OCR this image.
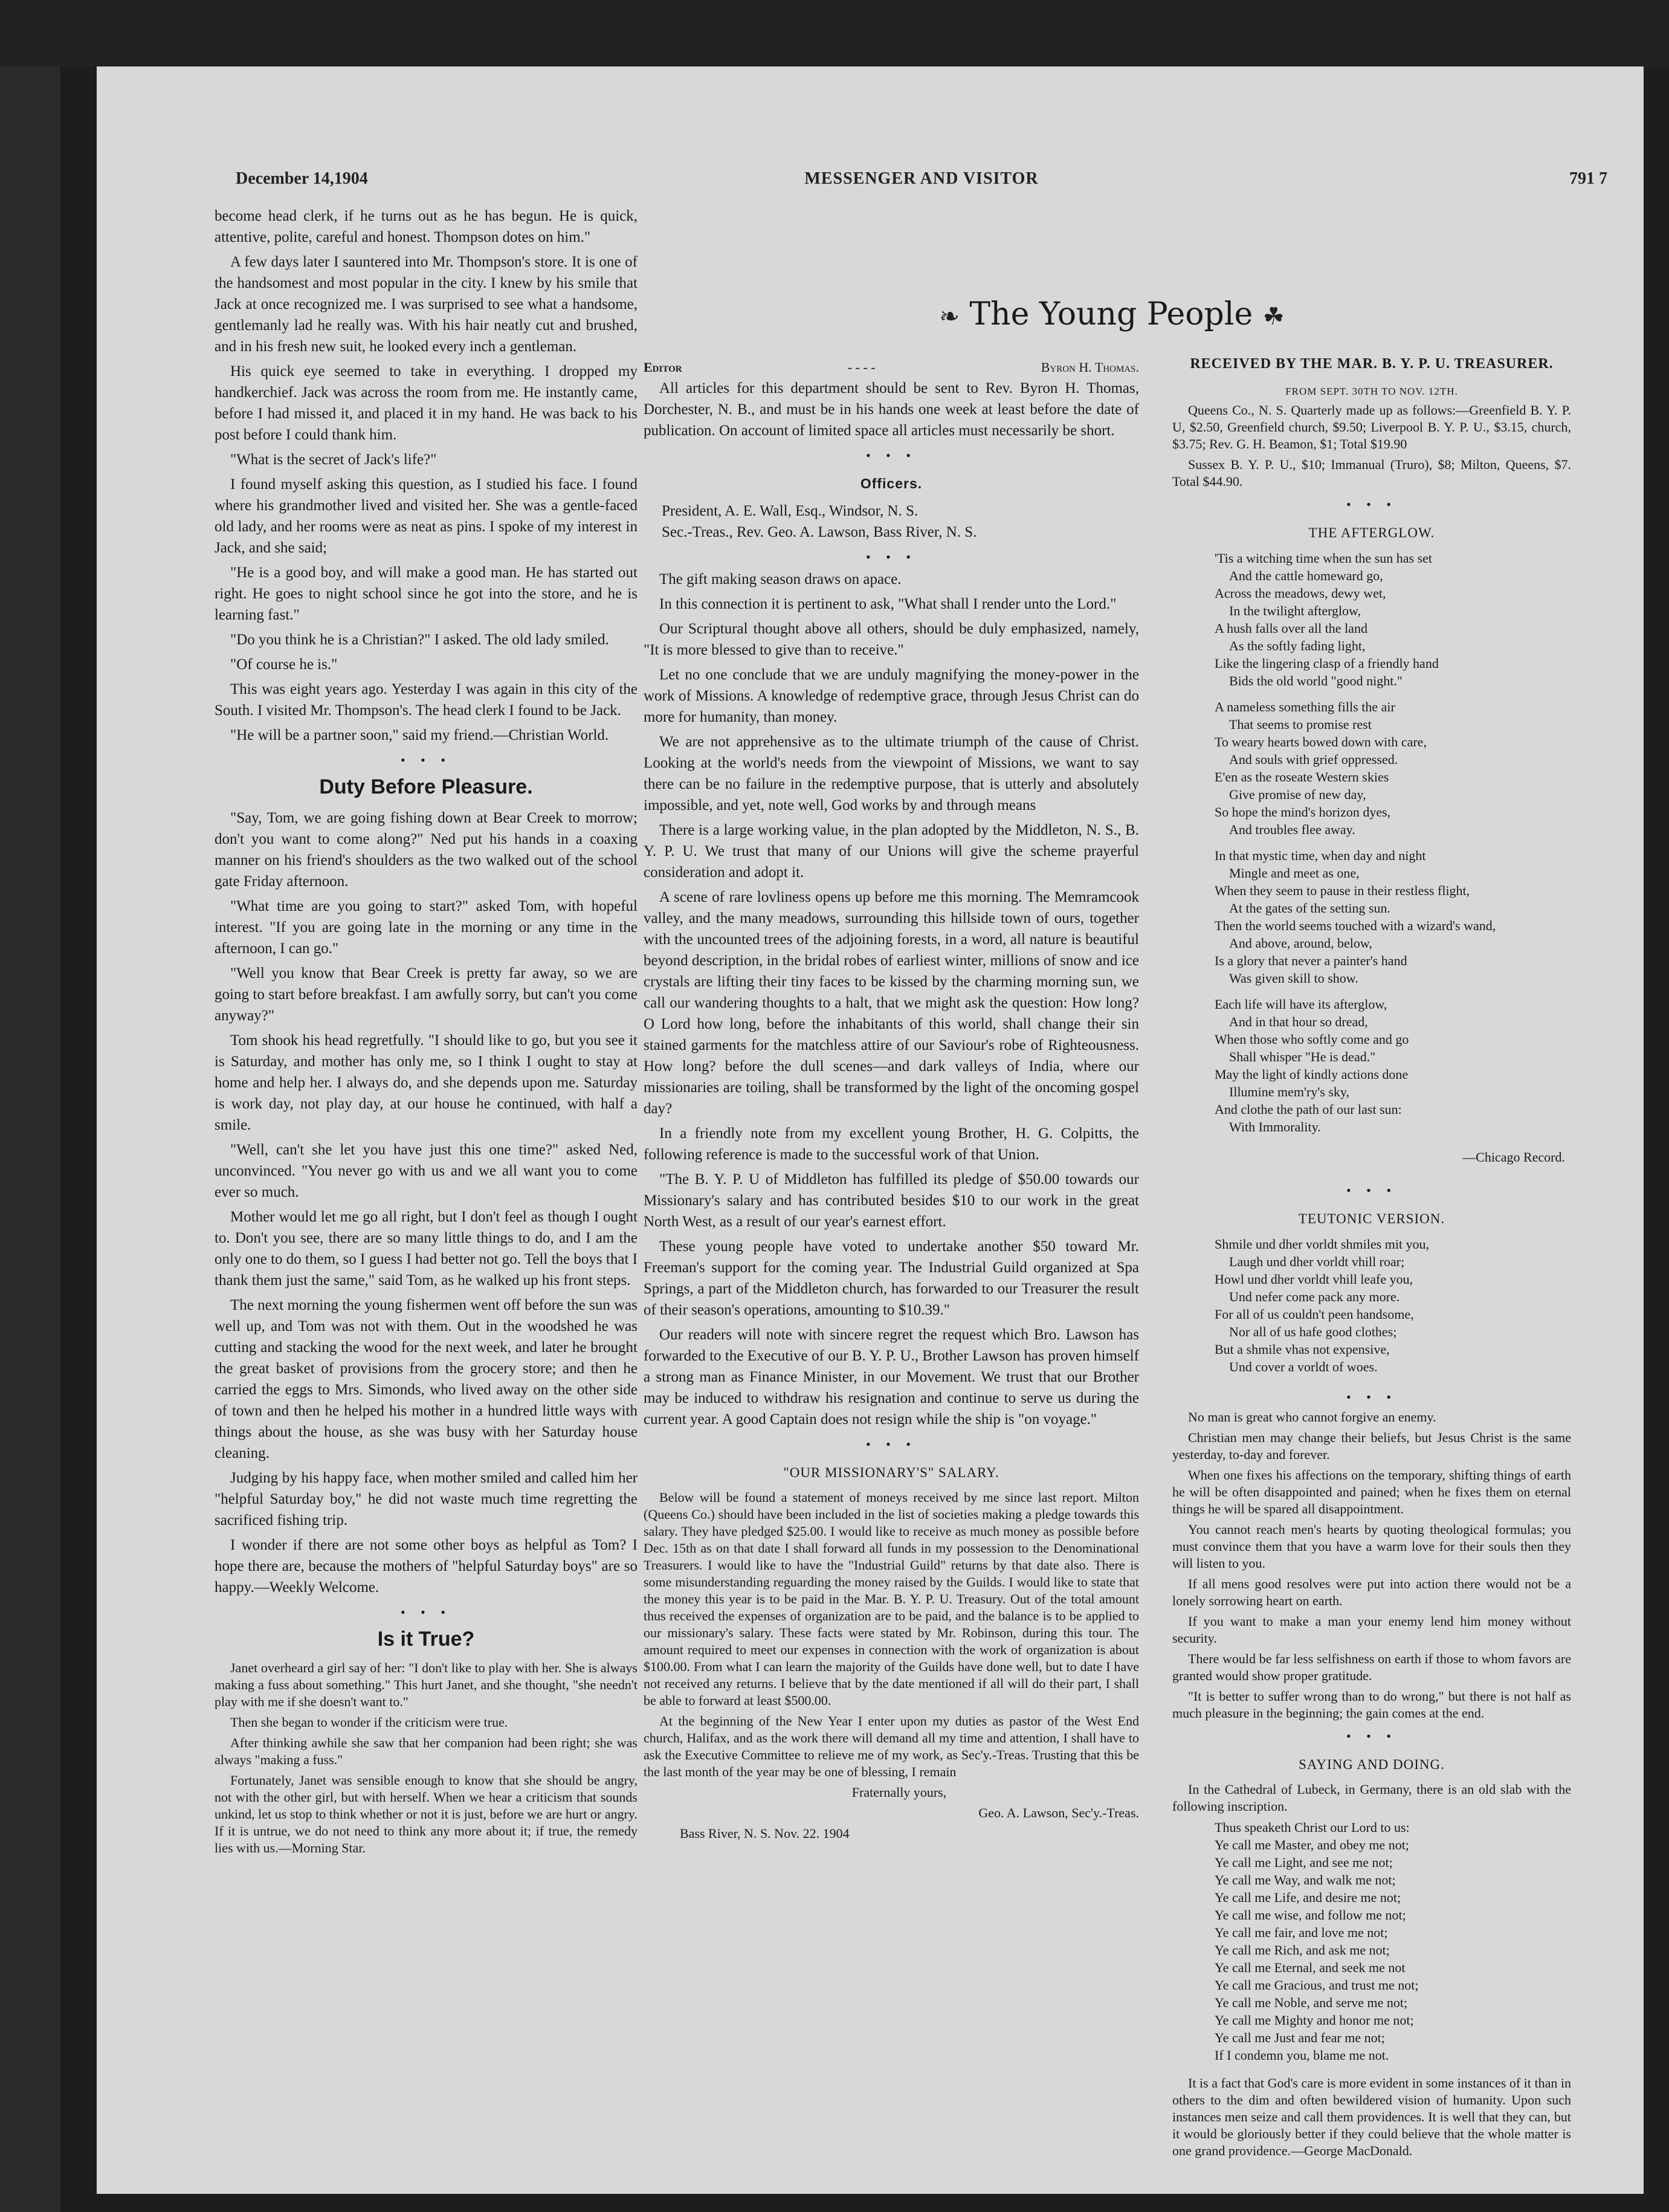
December 14,1904	MESSENGER AND VISITOR	791 7
❧ The Young People ☘

become head clerk, if he turns out as he has begun. He is quick, attentive, polite, careful and honest. Thompson dotes on him."

A few days later I sauntered into Mr. Thompson's store. It is one of the handsomest and most popular in the city. I knew by his smile that Jack at once recognized me. I was surprised to see what a handsome, gentlemanly lad he really was. With his hair neatly cut and brushed, and in his fresh new suit, he looked every inch a gentleman.

His quick eye seemed to take in everything. I dropped my handkerchief. Jack was across the room from me. He instantly came, before I had missed it, and placed it in my hand. He was back to his post before I could thank him.

"What is the secret of Jack's life?"

I found myself asking this question, as I studied his face. I found where his grandmother lived and visited her. She was a gentle-faced old lady, and her rooms were as neat as pins. I spoke of my interest in Jack, and she said;

"He is a good boy, and will make a good man. He has started out right. He goes to night school since he got into the store, and he is learning fast."

"Do you think he is a Christian?" I asked. The old lady smiled.

"Of course he is."

This was eight years ago. Yesterday I was again in this city of the South. I visited Mr. Thompson's. The head clerk I found to be Jack.

"He will be a partner soon," said my friend.—Christian World.

• • •
Duty Before Pleasure.

"Say, Tom, we are going fishing down at Bear Creek to morrow; don't you want to come along?" Ned put his hands in a coaxing manner on his friend's shoulders as the two walked out of the school gate Friday afternoon.

"What time are you going to start?" asked Tom, with hopeful interest. "If you are going late in the morning or any time in the afternoon, I can go."

"Well you know that Bear Creek is pretty far away, so we are going to start before breakfast. I am awfully sorry, but can't you come anyway?"

Tom shook his head regretfully. "I should like to go, but you see it is Saturday, and mother has only me, so I think I ought to stay at home and help her. I always do, and she depends upon me. Saturday is work day, not play day, at our house he continued, with half a smile.

"Well, can't she let you have just this one time?" asked Ned, unconvinced. "You never go with us and we all want you to come ever so much.

Mother would let me go all right, but I don't feel as though I ought to. Don't you see, there are so many little things to do, and I am the only one to do them, so I guess I had better not go. Tell the boys that I thank them just the same," said Tom, as he walked up his front steps.

The next morning the young fishermen went off before the sun was well up, and Tom was not with them. Out in the woodshed he was cutting and stacking the wood for the next week, and later he brought the great basket of provisions from the grocery store; and then he carried the eggs to Mrs. Simonds, who lived away on the other side of town and then he helped his mother in a hundred little ways with things about the house, as she was busy with her Saturday house cleaning.

Judging by his happy face, when mother smiled and called him her "helpful Saturday boy," he did not waste much time regretting the sacrificed fishing trip.

I wonder if there are not some other boys as helpful as Tom? I hope there are, because the mothers of "helpful Saturday boys" are so happy.—Weekly Welcome.

• • •
Is it True?

Janet overheard a girl say of her: "I don't like to play with her. She is always making a fuss about something." This hurt Janet, and she thought, "she needn't play with me if she doesn't want to."

Then she began to wonder if the criticism were true.

After thinking awhile she saw that her companion had been right; she was always "making a fuss."

Fortunately, Janet was sensible enough to know that she should be angry, not with the other girl, but with herself. When we hear a criticism that sounds unkind, let us stop to think whether or not it is just, before we are hurt or angry. If it is untrue, we do not need to think any more about it; if true, the remedy lies with us.—Morning Star.

Editor	- - - -	Byron H. Thomas.

All articles for this department should be sent to Rev. Byron H. Thomas, Dorchester, N. B., and must be in his hands one week at least before the date of publication. On account of limited space all articles must necessarily be short.

• • •
Officers.

President, A. E. Wall, Esq., Windsor, N. S.

Sec.-Treas., Rev. Geo. A. Lawson, Bass River, N. S.

• • •

The gift making season draws on apace.

In this connection it is pertinent to ask, "What shall I render unto the Lord."

Our Scriptural thought above all others, should be duly emphasized, namely, "It is more blessed to give than to receive."

Let no one conclude that we are unduly magnifying the money-power in the work of Missions. A knowledge of redemptive grace, through Jesus Christ can do more for humanity, than money.

We are not apprehensive as to the ultimate triumph of the cause of Christ. Looking at the world's needs from the viewpoint of Missions, we want to say there can be no failure in the redemptive purpose, that is utterly and absolutely impossible, and yet, note well, God works by and through means

There is a large working value, in the plan adopted by the Middleton, N. S., B. Y. P. U. We trust that many of our Unions will give the scheme prayerful consideration and adopt it.

A scene of rare lovliness opens up before me this morning. The Memramcook valley, and the many meadows, surrounding this hillside town of ours, together with the uncounted trees of the adjoining forests, in a word, all nature is beautiful beyond description, in the bridal robes of earliest winter, millions of snow and ice crystals are lifting their tiny faces to be kissed by the charming morning sun, we call our wandering thoughts to a halt, that we might ask the question: How long? O Lord how long, before the inhabitants of this world, shall change their sin stained garments for the matchless attire of our Saviour's robe of Righteousness. How long? before the dull scenes—and dark valleys of India, where our missionaries are toiling, shall be transformed by the light of the oncoming gospel day?

In a friendly note from my excellent young Brother, H. G. Colpitts, the following reference is made to the successful work of that Union.

"The B. Y. P. U of Middleton has fulfilled its pledge of $50.00 towards our Missionary's salary and has contributed besides $10 to our work in the great North West, as a result of our year's earnest effort.

These young people have voted to undertake another $50 toward Mr. Freeman's support for the coming year. The Industrial Guild organized at Spa Springs, a part of the Middleton church, has forwarded to our Treasurer the result of their season's operations, amounting to $10.39."

Our readers will note with sincere regret the request which Bro. Lawson has forwarded to the Executive of our B. Y. P. U., Brother Lawson has proven himself a strong man as Finance Minister, in our Movement. We trust that our Brother may be induced to withdraw his resignation and continue to serve us during the current year. A good Captain does not resign while the ship is "on voyage."

• • •
"OUR MISSIONARY'S" SALARY.

Below will be found a statement of moneys received by me since last report. Milton (Queens Co.) should have been included in the list of societies making a pledge towards this salary. They have pledged $25.00. I would like to receive as much money as possible before Dec. 15th as on that date I shall forward all funds in my possession to the Denominational Treasurers. I would like to have the "Industrial Guild" returns by that date also. There is some misunderstanding reguarding the money raised by the Guilds. I would like to state that the money this year is to be paid in the Mar. B. Y. P. U. Treasury. Out of the total amount thus received the expenses of organization are to be paid, and the balance is to be applied to our missionary's salary. These facts were stated by Mr. Robinson, during this tour. The amount required to meet our expenses in connection with the work of organization is about $100.00. From what I can learn the majority of the Guilds have done well, but to date I have not received any returns. I believe that by the date mentioned if all will do their part, I shall be able to forward at least $500.00.

At the beginning of the New Year I enter upon my duties as pastor of the West End church, Halifax, and as the work there will demand all my time and attention, I shall have to ask the Executive Committee to relieve me of my work, as Sec'y.-Treas. Trusting that this be the last month of the year may be one of blessing, I remain

Fraternally yours,

Geo. A. Lawson, Sec'y.-Treas.

Bass River, N. S. Nov. 22. 1904

RECEIVED BY THE MAR. B. Y. P. U. TREASURER.
FROM SEPT. 30TH TO NOV. 12TH.

Queens Co., N. S. Quarterly made up as follows:—Greenfield B. Y. P. U, $2.50, Greenfield church, $9.50; Liverpool B. Y. P. U., $3.15, church, $3.75; Rev. G. H. Beamon, $1; Total $19.90

Sussex B. Y. P. U., $10; Immanual (Truro), $8; Milton, Queens, $7. Total $44.90.

• • •
THE AFTERGLOW.
'Tis a witching time when the sun has set
And the cattle homeward go,
Across the meadows, dewy wet,
In the twilight afterglow,
A hush falls over all the land
As the softly fading light,
Like the lingering clasp of a friendly hand
Bids the old world "good night."
A nameless something fills the air
That seems to promise rest
To weary hearts bowed down with care,
And souls with grief oppressed.
E'en as the roseate Western skies
Give promise of new day,
So hope the mind's horizon dyes,
And troubles flee away.
In that mystic time, when day and night
Mingle and meet as one,
When they seem to pause in their restless flight,
At the gates of the setting sun.
Then the world seems touched with a wizard's wand,
And above, around, below,
Is a glory that never a painter's hand
Was given skill to show.
Each life will have its afterglow,
And in that hour so dread,
When those who softly come and go
Shall whisper "He is dead."
May the light of kindly actions done
Illumine mem'ry's sky,
And clothe the path of our last sun:
With Immorality.
—Chicago Record.
• • •
TEUTONIC VERSION.
Shmile und dher vorldt shmiles mit you,
Laugh und dher vorldt vhill roar;
Howl und dher vorldt vhill leafe you,
Und nefer come pack any more.
For all of us couldn't peen handsome,
Nor all of us hafe good clothes;
But a shmile vhas not expensive,
Und cover a vorldt of woes.
• • •

No man is great who cannot forgive an enemy.

Christian men may change their beliefs, but Jesus Christ is the same yesterday, to-day and forever.

When one fixes his affections on the temporary, shifting things of earth he will be often disappointed and pained; when he fixes them on eternal things he will be spared all disappointment.

You cannot reach men's hearts by quoting theological formulas; you must convince them that you have a warm love for their souls then they will listen to you.

If all mens good resolves were put into action there would not be a lonely sorrowing heart on earth.

If you want to make a man your enemy lend him money without security.

There would be far less selfishness on earth if those to whom favors are granted would show proper gratitude.

"It is better to suffer wrong than to do wrong," but there is not half as much pleasure in the beginning; the gain comes at the end.

• • •
SAYING AND DOING.

In the Cathedral of Lubeck, in Germany, there is an old slab with the following inscription.

Thus speaketh Christ our Lord to us:
Ye call me Master, and obey me not;
Ye call me Light, and see me not;
Ye call me Way, and walk me not;
Ye call me Life, and desire me not;
Ye call me wise, and follow me not;
Ye call me fair, and love me not;
Ye call me Rich, and ask me not;
Ye call me Eternal, and seek me not
Ye call me Gracious, and trust me not;
Ye call me Noble, and serve me not;
Ye call me Mighty and honor me not;
Ye call me Just and fear me not;
If I condemn you, blame me not.

It is a fact that God's care is more evident in some instances of it than in others to the dim and often bewildered vision of humanity. Upon such instances men seize and call them providences. It is well that they can, but it would be gloriously better if they could believe that the whole matter is one grand providence.—George MacDonald.
